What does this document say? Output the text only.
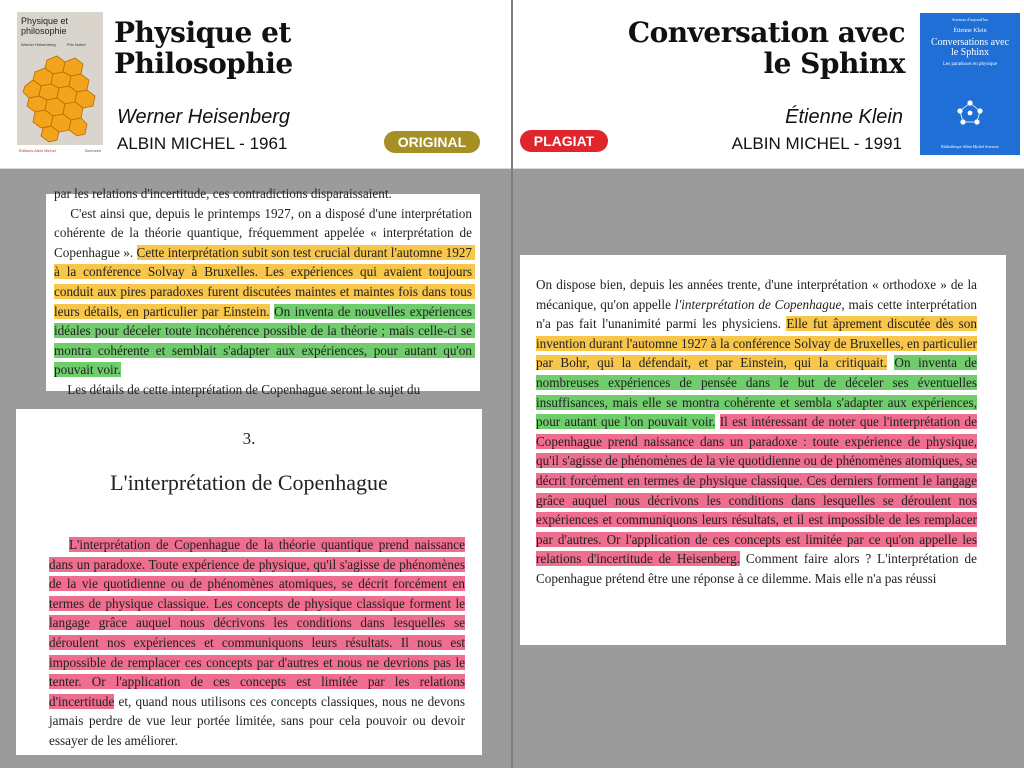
Physique et philosophie
Werner Heisenberg	Prix Nobel
Éditions Albin Michel	Sciences
Physique et
Philosophie
Werner Heisenberg
ALBIN MICHEL - 1961	ORIGINAL	PLAGIAT
Conversation avec
le Sphinx
Étienne Klein
ALBIN MICHEL - 1991
Sciences d'aujourd'hui
Étienne Klein
Conversations avec le Sphinx
Les paradoxes en physique
Bibliothèque Albin Michel Sciences

par les relations d'incertitude, ces contradictions disparaissaient.

C'est ainsi que, depuis le printemps 1927, on a disposé d'une interprétation cohérente de la théorie quantique, fréquemment appelée « interprétation de Copenhague ». Cette interprétation subit son test crucial durant l'automne 1927 à la conférence Solvay à Bruxelles. Les expériences qui avaient toujours conduit aux pires paradoxes furent discutées maintes et maintes fois dans tous leurs détails, en particulier par Einstein. On inventa de nouvelles expériences idéales pour déceler toute incohérence possible de la théorie ; mais celle-ci se montra cohérente et semblait s'adapter aux expériences, pour autant qu'on pouvait voir.

Les détails de cette interprétation de Copenhague seront le sujet du

3.
L'interprétation de Copenhague

L'interprétation de Copenhague de la théorie quantique prend naissance dans un paradoxe. Toute expérience de physique, qu'il s'agisse de phénomènes de la vie quotidienne ou de phénomènes atomiques, se décrit forcément en termes de physique classique. Les concepts de physique classique forment le langage grâce auquel nous décrivons les conditions dans lesquelles se déroulent nos expériences et communiquons leurs résultats. Il nous est impossible de remplacer ces concepts par d'autres et nous ne devrions pas le tenter. Or l'application de ces concepts est limitée par les relations d'incertitude et, quand nous utilisons ces concepts classiques, nous ne devons jamais perdre de vue leur portée limitée, sans pour cela pouvoir ou devoir essayer de les améliorer.

On dispose bien, depuis les années trente, d'une interprétation « orthodoxe » de la mécanique, qu'on appelle l'interprétation de Copenhague, mais cette interprétation n'a pas fait l'unanimité parmi les physiciens. Elle fut âprement discutée dès son invention durant l'automne 1927 à la conférence Solvay de Bruxelles, en particulier par Bohr, qui la défendait, et par Einstein, qui la critiquait. On inventa de nombreuses expériences de pensée dans le but de déceler ses éventuelles insuffisances, mais elle se montra cohérente et sembla s'adapter aux expériences, pour autant que l'on pouvait voir. Il est intéressant de noter que l'interprétation de Copenhague prend naissance dans un paradoxe : toute expérience de physique, qu'il s'agisse de phénomènes de la vie quotidienne ou de phénomènes atomiques, se décrit forcément en termes de physique classique. Ces derniers forment le langage grâce auquel nous décrivons les conditions dans lesquelles se déroulent nos expériences et communiquons leurs résultats, et il est impossible de les remplacer par d'autres. Or l'application de ces concepts est limitée par ce qu'on appelle les relations d'incertitude de Heisenberg. Comment faire alors ? L'interprétation de Copenhague prétend être une réponse à ce dilemme. Mais elle n'a pas réussi
